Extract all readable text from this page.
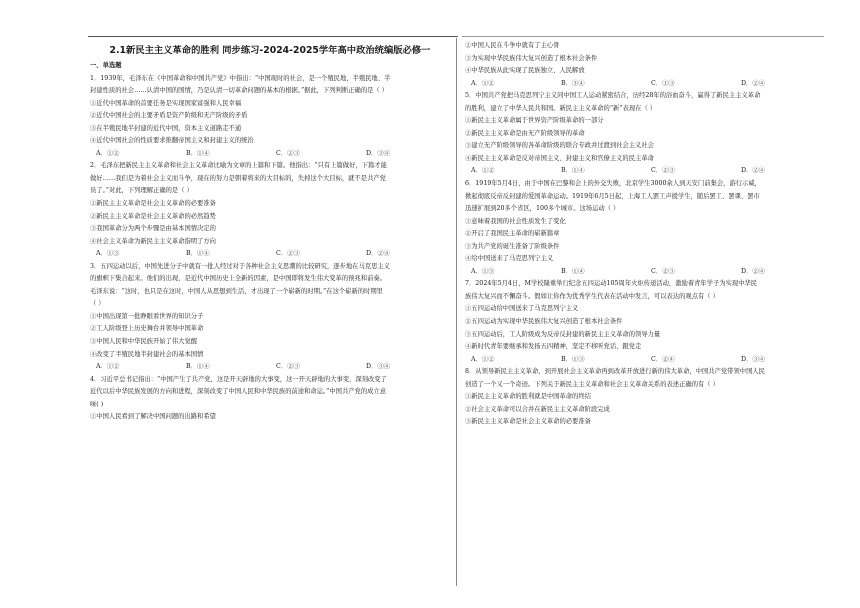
2.1新民主主义革命的胜利 同步练习-2024-2025学年高中政治统编版必修一

一、单选题

1．1939年，毛泽东在《中国革命和中国共产党》中指出：“中国现时的社会，是一个殖民地、半殖民地、半

封建性质的社会……认清中国的国情，乃是认清一切革命问题的基本的根据。”据此，下列判断正确的是（ ）

①近代中国革命的首要任务是实现国家富强和人民幸福

②近代中国社会的主要矛盾是资产阶级和无产阶级的矛盾

③在半殖民地半封建的近代中国，资本主义道路走不通

④近代中国社会的性质要求推翻帝国主义和封建主义的统治

A．①②	B．①④	C．②③	D．③④

2．毛泽东把新民主主义革命和社会主义革命比喻为文章的上篇和下篇。他指出：“只有上篇做好，下篇才能

做好……我们是为着社会主义而斗争，现在的努力是朝着将来的大目标的，失掉这个大目标，就不是共产党

员了。”对此，下列理解正确的是（ ）

①新民主主义革命是社会主义革命的必要准备

②新民主主义革命是社会主义革命的必然趋势

③我国革命分为两个步骤是由基本国情决定的

④社会主义革命为新民主主义革命指明了方向

A．①③	B．①④	C．②③	D．②④

3．五四运动以后，中国先进分子中就有一批人经过对于各种社会主义思潮的比较研究，逐步地在马克思主义

的旗帜下集合起来。他们的出现，是近代中国历史上全新的因素，是中国即将发生伟大变革的预兆和前奏。

毛泽东说：“这时，也只是在这时，中国人从思想到生活，才出现了一个崭新的时期。”在这个崭新的时期里

（ ）

①中国出现第一批睁眼看世界的知识分子

②工人阶级登上历史舞台并领导中国革命

③中国人民和中华民族开始了伟大觉醒

④改变了半殖民地半封建社会的基本国情

A．①②	B．①④	C．②③	D．③④

4．习近平总书记指出：“中国产生了共产党，这是开天辟地的大事变，这一开天辟地的大事变，深刻改变了

近代以后中华民族发展的方向和进程，深刻改变了中国人民和中华民族的前途和命运。”中国共产党的成立意

味( )

①中国人民看到了解决中国问题的出路和希望

②中国人民在斗争中就有了主心骨

③为实现中华民族伟大复兴创造了根本社会条件

④中华民族从此实现了民族独立、人民解放

A．①②	B．③④	C．①③	D．②④

5．中国共产党把马克思列宁主义同中国工人运动紧密结合，历经28年的浴血奋斗，赢得了新民主主义革命

的胜利，建立了中华人民共和国。新民主主义革命的“新”表现在（ ）

①新民主主义革命属于世界资产阶级革命的一部分

②新民主主义革命是由无产阶级领导的革命

③建立无产阶级领导的各革命阶级的联合专政并过渡到社会主义社会

④新民主主义革命是反对帝国主义、封建主义和官僚主义的民主革命

A．①②	B．①④	C．②③	D．②④

6．1919年5月4日，由于中国在巴黎和会上的外交失败，北京学生3000余人到天安门前集会，游行示威，

掀起彻底反帝反封建的爱国革命运动。1919年6月5日起，上海工人罢工声援学生，随后罢工、罢课、罢市

迅速扩展到20多个省区，100多个城市。这场运动（ ）

①意味着我国的社会性质发生了变化

②开启了我国民主革命的崭新篇章

③为共产党的诞生准备了阶级条件

④给中国送来了马克思列宁主义

A．①③	B．①④	C．②③	D．②④

7．2024年5月4日，M学校隆重举行纪念五四运动105周年火炬传递活动，激励着青年学子为实现中华民

族伟大复兴而不懈奋斗。假如让你作为优秀学生代表在活动中发言，可以表达的观点有（ ）

①五四运动给中国送来了马克思列宁主义

②五四运动为实现中华民族伟大复兴创造了根本社会条件

③五四运动后，工人阶级成为反帝反封建的新民主主义革命的领导力量

④新时代青年要继承和发扬五四精神，坚定不移听党话、跟党走

A．①②	B．①③	C．②④	D．③④

8．从领导新民主主义革命，到开展社会主义革命再到改革开放进行新的伟大革命，中国共产党带领中国人民

创造了一个又一个奇迹。下列关于新民主主义革命和社会主义革命关系的表述正确的有（ ）

①新民主主义革命的胜利就是中国革命的终结

②社会主义革命可以合并在新民主主义革命阶段完成

③新民主主义革命是社会主义革命的必要准备
